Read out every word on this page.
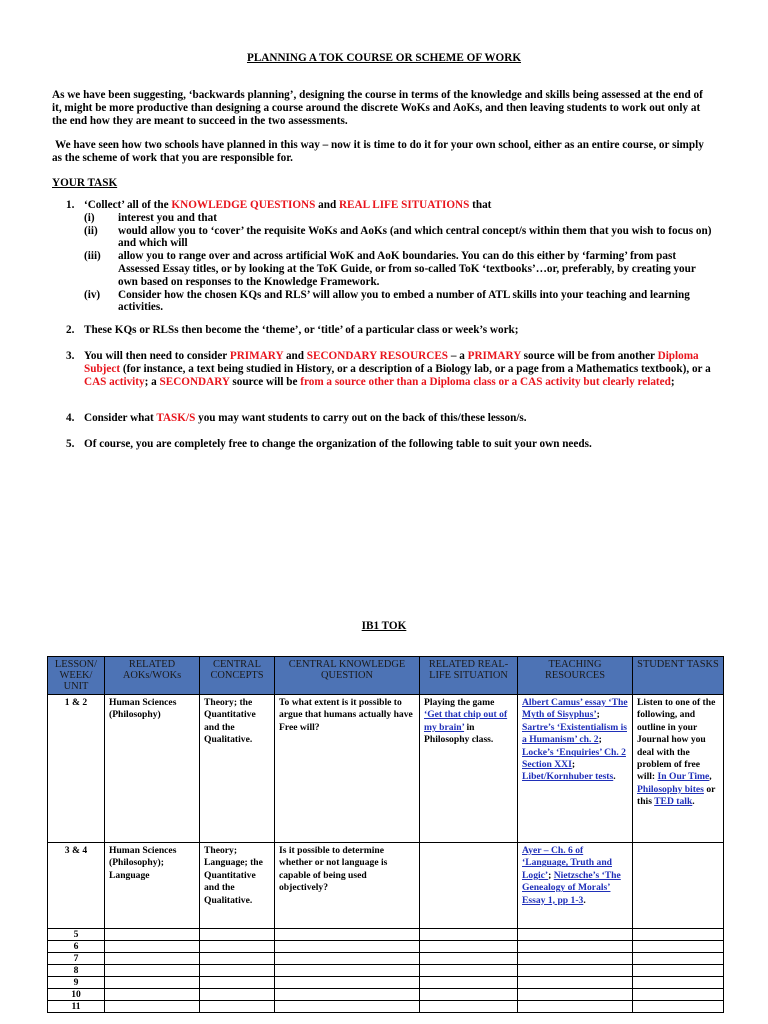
PLANNING A TOK COURSE OR SCHEME OF WORK
As we have been suggesting, ‘backwards planning’, designing the course in terms of the knowledge and skills being assessed at the end of it, might be more productive than designing a course around the discrete WoKs and AoKs, and then leaving students to work out only at the end how they are meant to succeed in the two assessments.
We have seen how two schools have planned in this way – now it is time to do it for your own school, either as an entire course, or simply as the scheme of work that you are responsible for.
YOUR TASK
1. ‘Collect’ all of the KNOWLEDGE QUESTIONS and REAL LIFE SITUATIONS that
(i)	interest you and that
(ii)	would allow you to ‘cover’ the requisite WoKs and AoKs (and which central concept/s within them that you wish to focus on) and which will
(iii)	allow you to range over and across artificial WoK and AoK boundaries. You can do this either by ‘farming’ from past Assessed Essay titles, or by looking at the ToK Guide, or from so-called ToK ‘textbooks’…or, preferably, by creating your own based on responses to the Knowledge Framework.
(iv)	Consider how the chosen KQs and RLS’ will allow you to embed a number of ATL skills into your teaching and learning activities.
2. These KQs or RLSs then become the ‘theme’, or ‘title’ of a particular class or week’s work;
3. You will then need to consider PRIMARY and SECONDARY RESOURCES – a PRIMARY source will be from another Diploma Subject (for instance, a text being studied in History, or a description of a Biology lab, or a page from a Mathematics textbook), or a CAS activity; a SECONDARY source will be from a source other than a Diploma class or a CAS activity but clearly related;
4. Consider what TASK/S you may want students to carry out on the back of this/these lesson/s.
5. Of course, you are completely free to change the organization of the following table to suit your own needs.
IB1 TOK
LESSON/ WEEK/ UNIT	RELATED AOKs/WOKs	CENTRAL CONCEPTS	CENTRAL KNOWLEDGE QUESTION	RELATED REAL-LIFE SITUATION	TEACHING RESOURCES	STUDENT TASKS
1 & 2	Human Sciences (Philosophy)	Theory; the Quantitative and the Qualitative.	To what extent is it possible to argue that humans actually have Free will?	Playing the game ‘Get that chip out of my brain’ in Philosophy class.	Albert Camus’ essay ‘The Myth of Sisyphus’; Sartre’s ‘Existentialism is a Humanism’ ch. 2; Locke’s ‘Enquiries’ Ch. 2 Section XXI; Libet/Kornhuber tests.	Listen to one of the following, and outline in your Journal how you deal with the problem of free will: In Our Time, Philosophy bites or this TED talk.
3 & 4	Human Sciences (Philosophy); Language	Theory; Language; the Quantitative and the Qualitative.	Is it possible to determine whether or not language is capable of being used objectively?		Ayer – Ch. 6 of ‘Language, Truth and Logic’; Nietzsche’s ‘The Genealogy of Morals’ Essay 1, pp 1-3.	
5						
6						
7						
8						
9						
10						
11						
